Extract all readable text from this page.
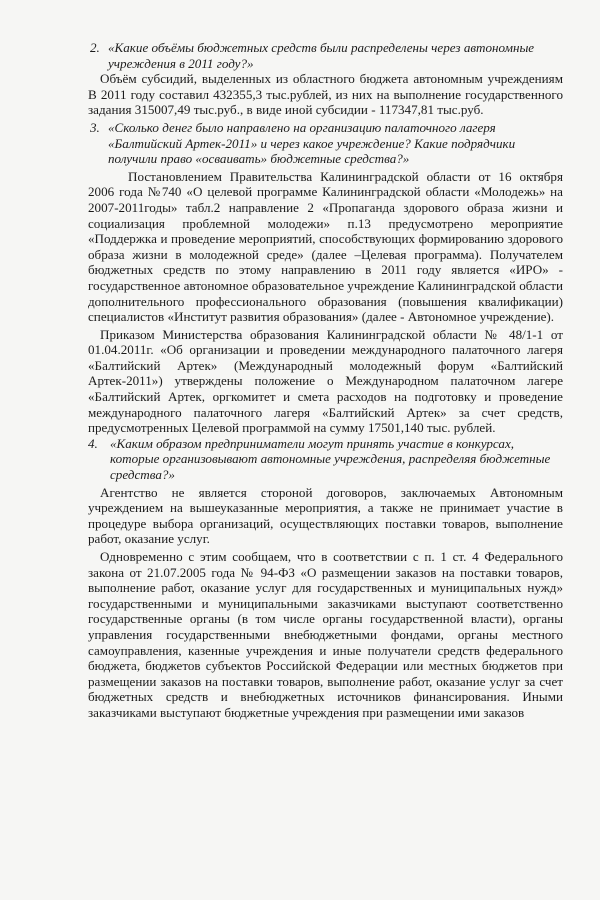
2. «Какие объёмы бюджетных средств были распределены через автономные учреждения в 2011 году?»

Объём субсидий, выделенных из областного бюджета автономным учреждениям В 2011 году составил 432355,3 тыс.рублей, из них на выполнение государственного задания 315007,49 тыс.руб., в виде иной субсидии - 117347,81 тыс.руб.

3. «Сколько денег было направлено на организацию палаточного лагеря «Балтийский Артек-2011» и через какое учреждение? Какие подрядчики получили право «осваивать» бюджетные средства?»

Постановлением Правительства Калининградской области от 16 октября 2006 года №740 «О целевой программе Калининградской области «Молодежь» на 2007-2011годы» табл.2 направление 2 «Пропаганда здорового образа жизни и социализация проблемной молодежи» п.13 предусмотрено мероприятие «Поддержка и проведение мероприятий, способствующих формированию здорового образа жизни в молодежной среде» (далее –Целевая программа). Получателем бюджетных средств по этому направлению в 2011 году является «ИРО» - государственное автономное образовательное учреждение Калининградской области дополнительного профессионального образования (повышения квалификации) специалистов «Институт развития образования» (далее - Автономное учреждение).

Приказом Министерства образования Калининградской области № 48/1-1 от 01.04.2011г. «Об организации и проведении международного палаточного лагеря «Балтийский Артек» (Международный молодежный форум «Балтийский Артек-2011») утверждены положение о Международном палаточном лагере «Балтийский Артек, оргкомитет и смета расходов на подготовку и проведение международного палаточного лагеря «Балтийский Артек» за счет средств, предусмотренных Целевой программой на сумму 17501,140 тыс. рублей.

4. «Каким образом предприниматели могут принять участие в конкурсах, которые организовывают автономные учреждения, распределяя бюджетные средства?»

Агентство не является стороной договоров, заключаемых Автономным учреждением на вышеуказанные мероприятия, а также не принимает участие в процедуре выбора организаций, осуществляющих поставки товаров, выполнение работ, оказание услуг.

Одновременно с этим сообщаем, что в соответствии с п. 1 ст. 4 Федерального закона от 21.07.2005 года № 94-ФЗ «О размещении заказов на поставки товаров, выполнение работ, оказание услуг для государственных и муниципальных нужд» государственными и муниципальными заказчиками выступают соответственно государственные органы (в том числе органы государственной власти), органы управления государственными внебюджетными фондами, органы местного самоуправления, казенные учреждения и иные получатели средств федерального бюджета, бюджетов субъектов Российской Федерации или местных бюджетов при размещении заказов на поставки товаров, выполнение работ, оказание услуг за счет бюджетных средств и внебюджетных источников финансирования. Иными заказчиками выступают бюджетные учреждения при размещении ими заказов
